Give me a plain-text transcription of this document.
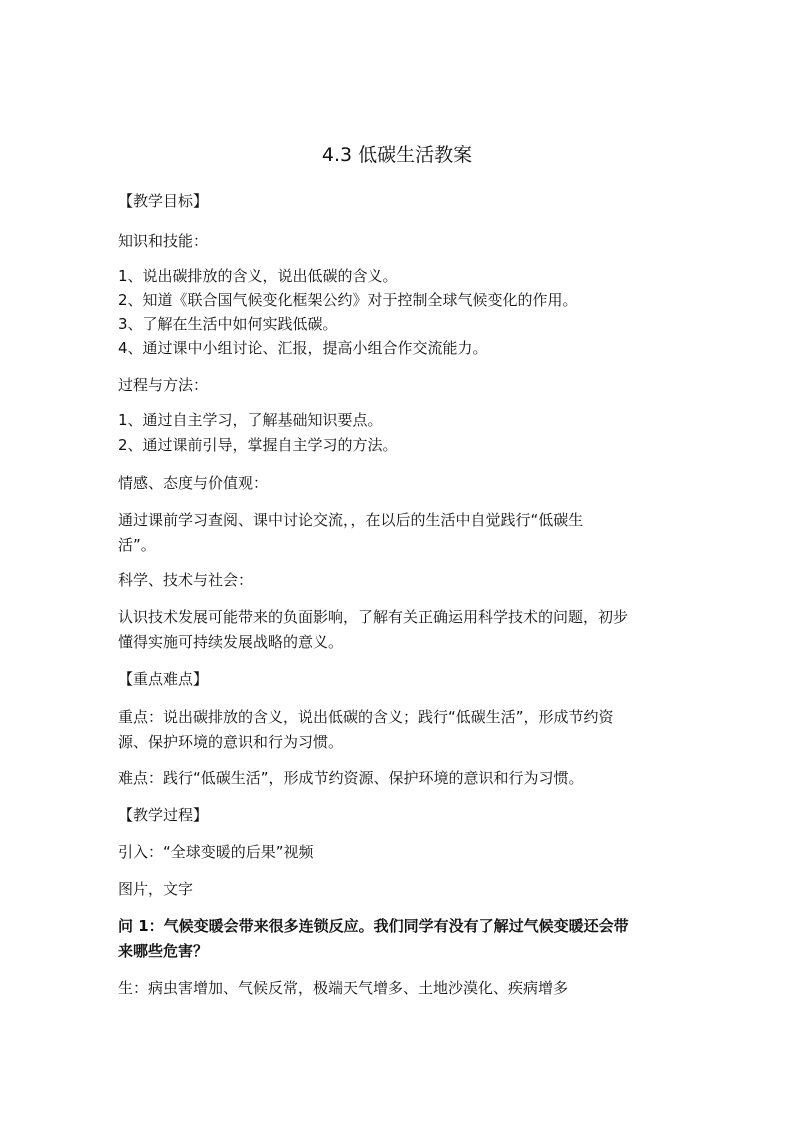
4.3 低碳生活教案

【教学目标】

知识和技能：

1、说出碳排放的含义，说出低碳的含义。

2、知道《联合国气候变化框架公约》对于控制全球气候变化的作用。

3、了解在生活中如何实践低碳。

4、通过课中小组讨论、汇报，提高小组合作交流能力。

过程与方法：

1、通过自主学习，了解基础知识要点。

2、通过课前引导，掌握自主学习的方法。

情感、态度与价值观：

通过课前学习查阅、课中讨论交流，，在以后的生活中自觉践行“低碳生

活”。

科学、技术与社会：

认识技术发展可能带来的负面影响，了解有关正确运用科学技术的问题，初步

懂得实施可持续发展战略的意义。

【重点难点】

重点：说出碳排放的含义，说出低碳的含义；践行“低碳生活”，形成节约资

源、保护环境的意识和行为习惯。

难点：践行“低碳生活”，形成节约资源、保护环境的意识和行为习惯。

【教学过程】

引入：“全球变暖的后果”视频

图片，文字

问 1：气候变暖会带来很多连锁反应。我们同学有没有了解过气候变暖还会带

来哪些危害？

生：病虫害增加、气候反常，极端天气增多、土地沙漠化、疾病增多
